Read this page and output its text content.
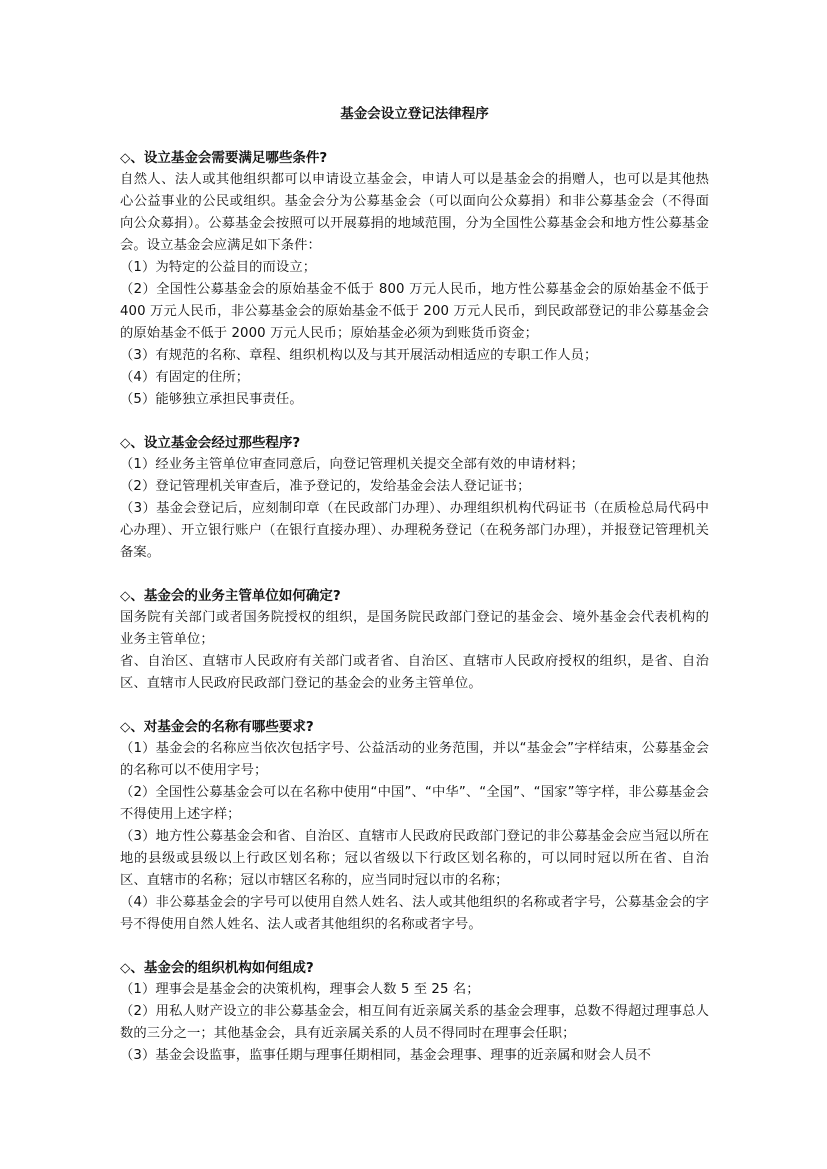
基金会设立登记法律程序

◇、设立基金会需要满足哪些条件?

自然人、法人或其他组织都可以申请设立基金会，申请人可以是基金会的捐赠人，也可以是其他热心公益事业的公民或组织。基金会分为公募基金会（可以面向公众募捐）和非公募基金会（不得面向公众募捐）。公募基金会按照可以开展募捐的地域范围，分为全国性公募基金会和地方性公募基金会。设立基金会应满足如下条件：

（1）为特定的公益目的而设立；

（2）全国性公募基金会的原始基金不低于 800 万元人民币，地方性公募基金会的原始基金不低于 400 万元人民币，非公募基金会的原始基金不低于 200 万元人民币，到民政部登记的非公募基金会的原始基金不低于 2000 万元人民币；原始基金必须为到账货币资金；

（3）有规范的名称、章程、组织机构以及与其开展活动相适应的专职工作人员；

（4）有固定的住所；

（5）能够独立承担民事责任。

◇、设立基金会经过那些程序?

（1）经业务主管单位审查同意后，向登记管理机关提交全部有效的申请材料；

（2）登记管理机关审查后，准予登记的，发给基金会法人登记证书；

（3）基金会登记后，应刻制印章（在民政部门办理）、办理组织机构代码证书（在质检总局代码中心办理）、开立银行账户（在银行直接办理）、办理税务登记（在税务部门办理），并报登记管理机关备案。

◇、基金会的业务主管单位如何确定?

国务院有关部门或者国务院授权的组织，是国务院民政部门登记的基金会、境外基金会代表机构的业务主管单位；

省、自治区、直辖市人民政府有关部门或者省、自治区、直辖市人民政府授权的组织，是省、自治区、直辖市人民政府民政部门登记的基金会的业务主管单位。

◇、对基金会的名称有哪些要求?

（1）基金会的名称应当依次包括字号、公益活动的业务范围，并以“基金会”字样结束，公募基金会的名称可以不使用字号；

（2）全国性公募基金会可以在名称中使用“中国”、“中华”、“全国”、“国家”等字样，非公募基金会不得使用上述字样；

（3）地方性公募基金会和省、自治区、直辖市人民政府民政部门登记的非公募基金会应当冠以所在地的县级或县级以上行政区划名称；冠以省级以下行政区划名称的，可以同时冠以所在省、自治区、直辖市的名称；冠以市辖区名称的，应当同时冠以市的名称；

（4）非公募基金会的字号可以使用自然人姓名、法人或其他组织的名称或者字号，公募基金会的字号不得使用自然人姓名、法人或者其他组织的名称或者字号。

◇、基金会的组织机构如何组成?

（1）理事会是基金会的决策机构，理事会人数 5 至 25 名；

（2）用私人财产设立的非公募基金会，相互间有近亲属关系的基金会理事，总数不得超过理事总人数的三分之一；其他基金会，具有近亲属关系的人员不得同时在理事会任职；

（3）基金会设监事，监事任期与理事任期相同，基金会理事、理事的近亲属和财会人员不
